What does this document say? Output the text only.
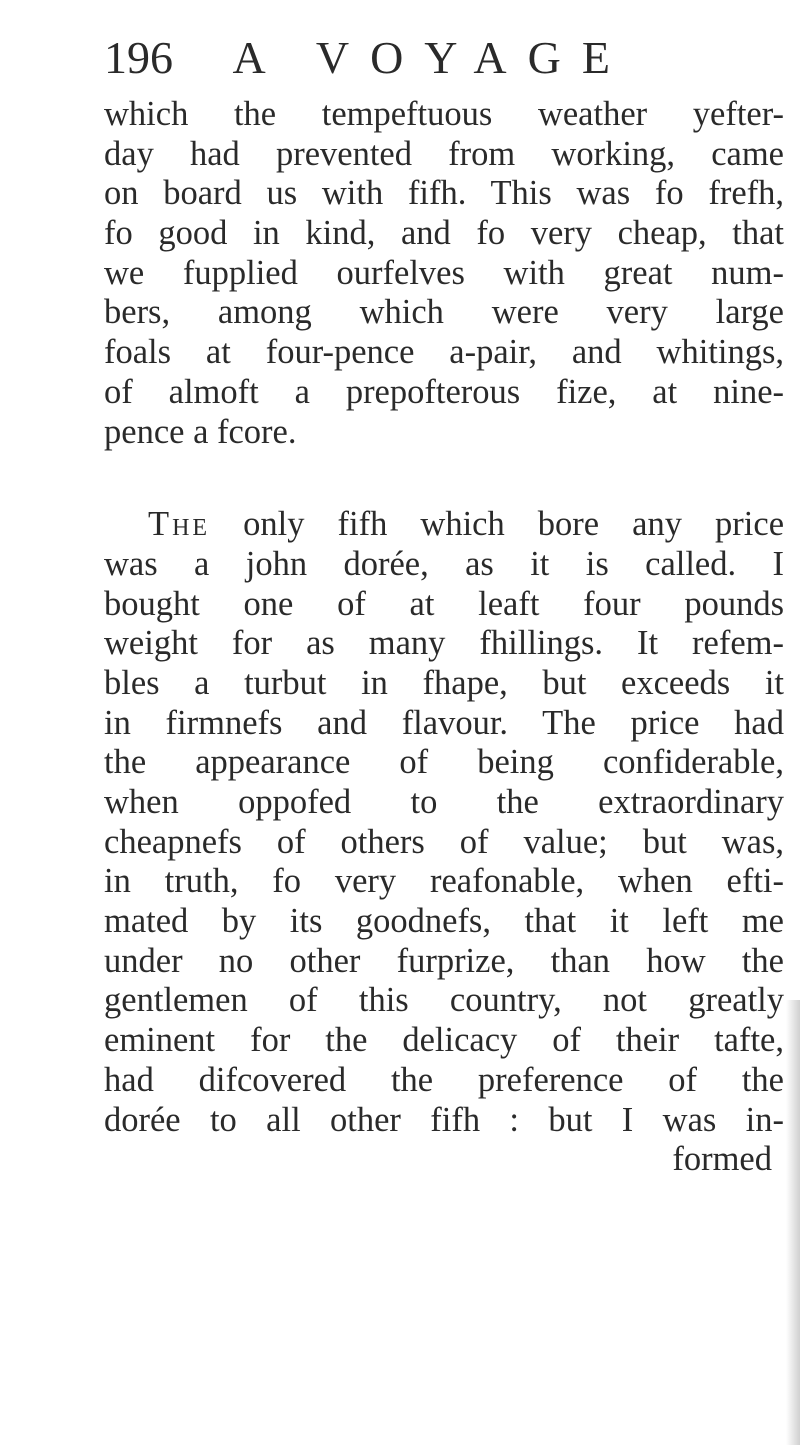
196 A VOYAGE
which the tempeftuous weather yefter-
day had prevented from working, came
on board us with fifh. This was fo frefh,
fo good in kind, and fo very cheap, that
we fupplied ourfelves with great num-
bers, among which were very large
foals at four-pence a-pair, and whitings,
of almoft a prepofterous fize, at nine-
pence a fcore.
The only fifh which bore any price
was a john dorée, as it is called. I
bought one of at leaft four pounds
weight for as many fhillings. It refem-
bles a turbut in fhape, but exceeds it
in firmnefs and flavour. The price had
the appearance of being confiderable,
when oppofed to the extraordinary
cheapnefs of others of value; but was,
in truth, fo very reafonable, when efti-
mated by its goodnefs, that it left me
under no other furprize, than how the
gentlemen of this country, not greatly
eminent for the delicacy of their tafte,
had difcovered the preference of the
dorée to all other fifh : but I was in-
formed
